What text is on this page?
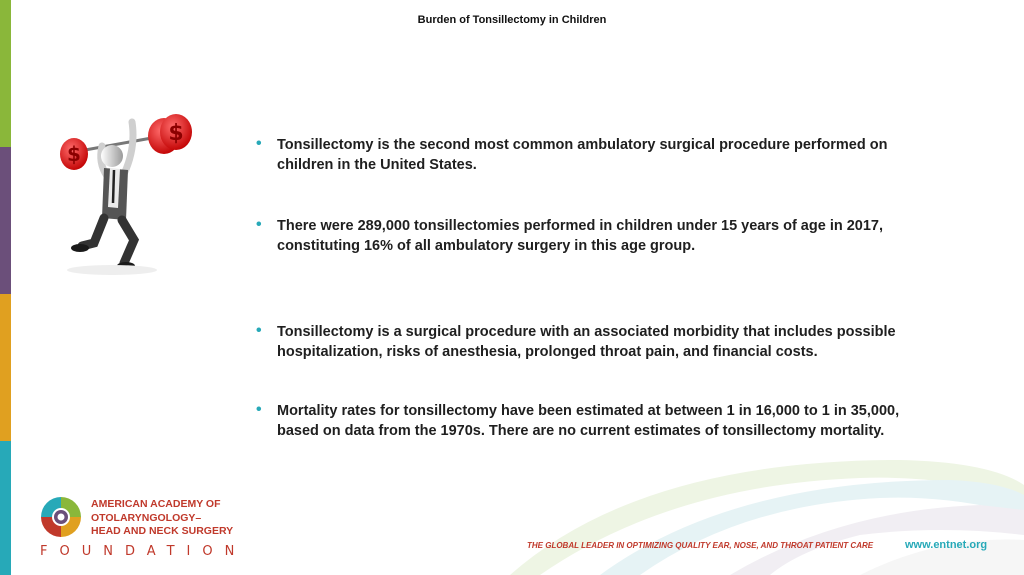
Burden of Tonsillectomy in Children
$
$	• Tonsillectomy is the second most common ambulatory surgical procedure performed on children in the United States.
• There were 289,000 tonsillectomies performed in children under 15 years of age in 2017, constituting 16% of all ambulatory surgery in this age group.
• Tonsillectomy is a surgical procedure with an associated morbidity that includes possible hospitalization, risks of anesthesia, prolonged throat pain, and financial costs.
• Mortality rates for tonsillectomy have been estimated at between 1 in 16,000 to 1 in 35,000, based on data from the 1970s. There are no current estimates of tonsillectomy mortality.
AMERICAN ACADEMY OF
OTOLARYNGOLOGY–
HEAD AND NECK SURGERY
FOUNDATION	THE GLOBAL LEADER IN OPTIMIZING QUALITY EAR, NOSE, AND THROAT PATIENT CARE	www.entnet.org
